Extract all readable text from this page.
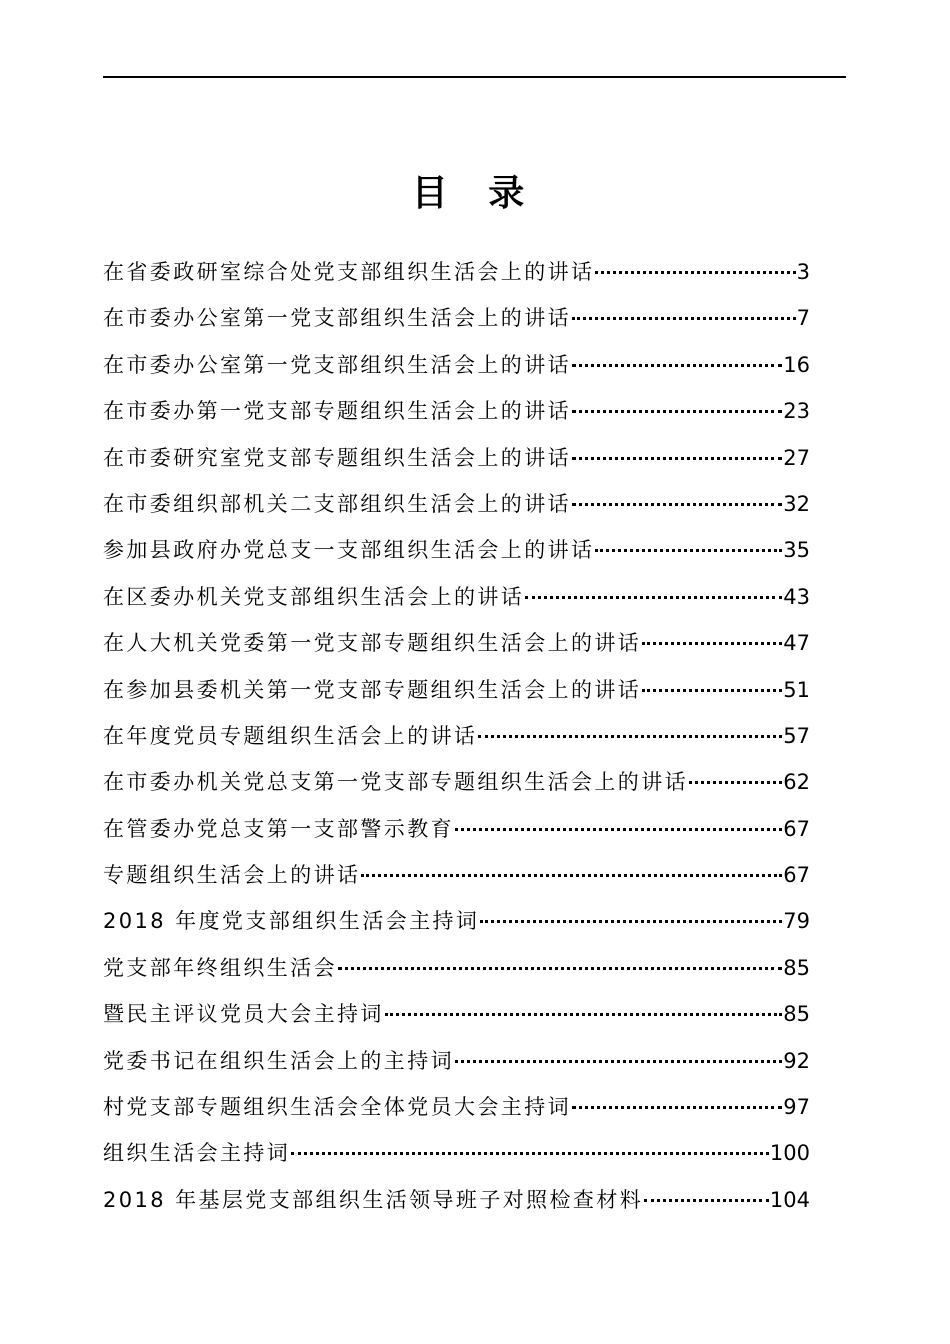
目 录
在省委政研室综合处党支部组织生活会上的讲话	3
在市委办公室第一党支部组织生活会上的讲话	7
在市委办公室第一党支部组织生活会上的讲话	16
在市委办第一党支部专题组织生活会上的讲话	23
在市委研究室党支部专题组织生活会上的讲话	27
在市委组织部机关二支部组织生活会上的讲话	32
参加县政府办党总支一支部组织生活会上的讲话	35
在区委办机关党支部组织生活会上的讲话	43
在人大机关党委第一党支部专题组织生活会上的讲话	47
在参加县委机关第一党支部专题组织生活会上的讲话	51
在年度党员专题组织生活会上的讲话	57
在市委办机关党总支第一党支部专题组织生活会上的讲话	62
在管委办党总支第一支部警示教育	67
专题组织生活会上的讲话	67
2018 年度党支部组织生活会主持词	79
党支部年终组织生活会	85
暨民主评议党员大会主持词	85
党委书记在组织生活会上的主持词	92
村党支部专题组织生活会全体党员大会主持词	97
组织生活会主持词	100
2018 年基层党支部组织生活领导班子对照检查材料	104
